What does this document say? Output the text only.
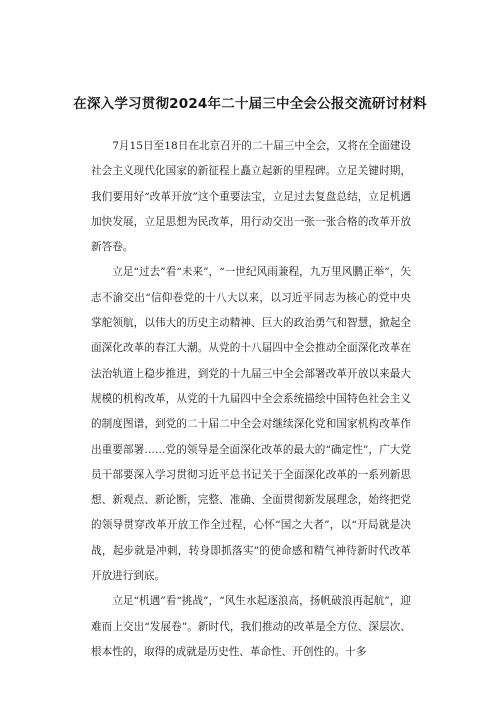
在深入学习贯彻2024年二十届三中全会公报交流研讨材料

7月15日至18日在北京召开的二十届三中全会，又将在全面建设社会主义现代化国家的新征程上矗立起新的里程碑。立足关键时期，我们要用好“改革开放”这个重要法宝，立足过去复盘总结，立足机遇加快发展，立足思想为民改革，用行动交出一张一张合格的改革开放新答卷。

立足“过去”看“未来”，“一世纪风雨兼程，九万里风鹏正举”，矢志不渝交出“信仰卷党的十八大以来，以习近平同志为核心的党中央掌舵领航，以伟大的历史主动精神、巨大的政治勇气和智慧，掀起全面深化改革的春江大潮。从党的十八届四中全会推动全面深化改革在法治轨道上稳步推进，到党的十九届三中全会部署改革开放以来最大规模的机构改革，从党的十九届四中全会系统描绘中国特色社会主义的制度图谱，到党的二十届二中全会对继续深化党和国家机构改革作出重要部署……党的领导是全面深化改革的最大的“确定性”，广大党员干部要深入学习贯彻习近平总书记关于全面深化改革的一系列新思想、新观点、新论断，完整、准确、全面贯彻新发展理念，始终把党的领导贯穿改革开放工作全过程，心怀“国之大者”，以“开局就是决战，起步就是冲刺，转身即抓落实”的使命感和精气神待新时代改革开放进行到底。

立足“机遇”看“挑战”，“风生水起逐浪高，扬帆破浪再起航”，迎难而上交出“发展卷”。新时代，我们推动的改革是全方位、深层次、根本性的，取得的成就是历史性、革命性、开创性的。十多
